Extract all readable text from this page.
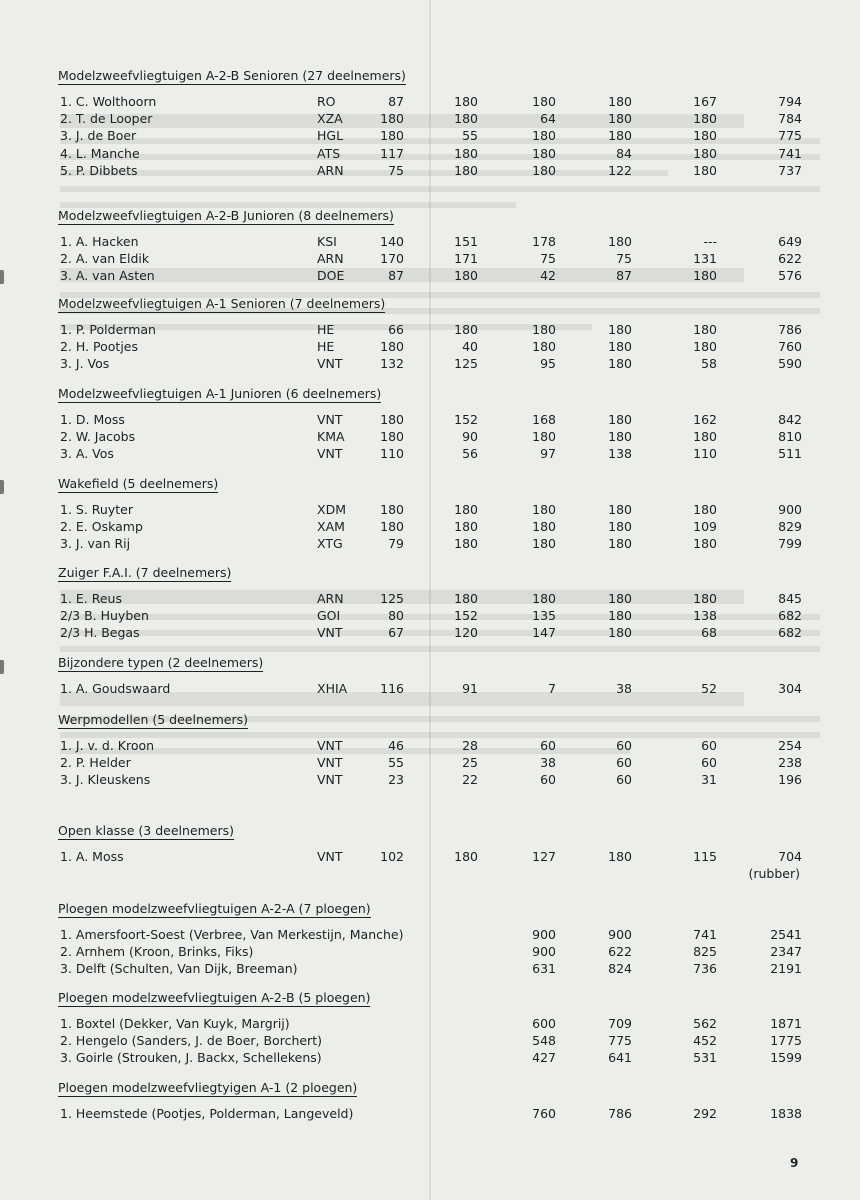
Modelzweefvliegtuigen A-2-B Senioren (27 deelnemers)
1. C. Wolthoorn	RO	87	180	180	180	167	794
2. T. de Looper	XZA	180	180	64	180	180	784
3. J. de Boer	HGL	180	55	180	180	180	775
4. L. Manche	ATS	117	180	180	84	180	741
5. P. Dibbets	ARN	75	180	180	122	180	737
Modelzweefvliegtuigen A-2-B Junioren (8 deelnemers)
1. A. Hacken	KSI	140	151	178	180	---	649
2. A. van Eldik	ARN	170	171	75	75	131	622
3. A. van Asten	DOE	87	180	42	87	180	576
Modelzweefvliegtuigen A-1 Senioren (7 deelnemers)
1. P. Polderman	HE	66	180	180	180	180	786
2. H. Pootjes	HE	180	40	180	180	180	760
3. J. Vos	VNT	132	125	95	180	58	590
Modelzweefvliegtuigen A-1 Junioren (6 deelnemers)
1. D. Moss	VNT	180	152	168	180	162	842
2. W. Jacobs	KMA	180	90	180	180	180	810
3. A. Vos	VNT	110	56	97	138	110	511
Wakefield (5 deelnemers)
1. S. Ruyter	XDM	180	180	180	180	180	900
2. E. Oskamp	XAM	180	180	180	180	109	829
3. J. van Rij	XTG	79	180	180	180	180	799
Zuiger F.A.I. (7 deelnemers)
1. E. Reus	ARN	125	180	180	180	180	845
2/3 B. Huyben	GOI	80	152	135	180	138	682
2/3 H. Begas	VNT	67	120	147	180	68	682
Bijzondere typen (2 deelnemers)
1. A. Goudswaard	XHIA	116	91	7	38	52	304
Werpmodellen (5 deelnemers)
1. J. v. d. Kroon	VNT	46	28	60	60	60	254
2. P. Helder	VNT	55	25	38	60	60	238
3. J. Kleuskens	VNT	23	22	60	60	31	196
Open klasse (3 deelnemers)
1. A. Moss	VNT	102	180	127	180	115	704
(rubber)
Ploegen modelzweefvliegtuigen A-2-A (7 ploegen)
1. Amersfoort-Soest (Verbree, Van Merkestijn, Manche)	900	900	741	2541
2. Arnhem (Kroon, Brinks, Fiks)	900	622	825	2347
3. Delft (Schulten, Van Dijk, Breeman)	631	824	736	2191
Ploegen modelzweefvliegtuigen A-2-B (5 ploegen)
1. Boxtel (Dekker, Van Kuyk, Margrij)	600	709	562	1871
2. Hengelo (Sanders, J. de Boer, Borchert)	548	775	452	1775
3. Goirle (Strouken, J. Backx, Schellekens)	427	641	531	1599
Ploegen modelzweefvliegtyigen A-1 (2 ploegen)
1. Heemstede (Pootjes, Polderman, Langeveld)	760	786	292	1838
9
